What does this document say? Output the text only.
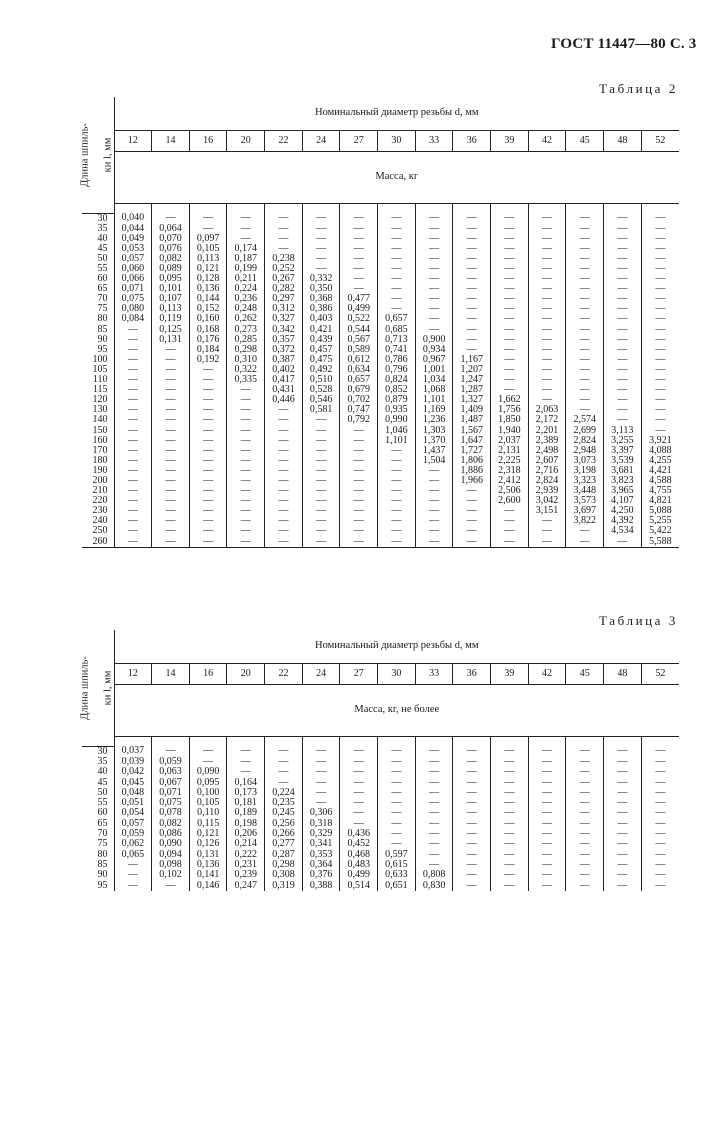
ГОСТ 11447—80 С. 3
Таблица 2
Длина шпиль- ки l, мм	Номинальный диаметр резьбы d, мм														
	12	14	16	20	22	24	27	30	33	36	39	42	45	48	52
	Масса, кг														

30	0,040	—	—	—	—	—	—	—	—	—	—	—	—	—	—
35	0,044	0,064	—	—	—	—	—	—	—	—	—	—	—	—	—
40	0,049	0,070	0,097	—	—	—	—	—	—	—	—	—	—	—	—
45	0,053	0,076	0,105	0,174	—	—	—	—	—	—	—	—	—	—	—
50	0,057	0,082	0,113	0,187	0,238	—	—	—	—	—	—	—	—	—	—
55	0,060	0,089	0,121	0,199	0,252	—	—	—	—	—	—	—	—	—	—
60	0,066	0,095	0,128	0,211	0,267	0,332	—	—	—	—	—	—	—	—	—
65	0,071	0,101	0,136	0,224	0,282	0,350	—	—	—	—	—	—	—	—	—
70	0,075	0,107	0,144	0,236	0,297	0,368	0,477	—	—	—	—	—	—	—	—
75	0,080	0,113	0,152	0,248	0,312	0,386	0,499	—	—	—	—	—	—	—	—
80	0,084	0,119	0,160	0,262	0,327	0,403	0,522	0,657	—	—	—	—	—	—	—
85	—	0,125	0,168	0,273	0,342	0,421	0,544	0,685	—	—	—	—	—	—	—
90	—	0,131	0,176	0,285	0,357	0,439	0,567	0,713	0,900	—	—	—	—	—	—
95	—	—	0,184	0,298	0,372	0,457	0,589	0,741	0,934	—	—	—	—	—	—
100	—	—	0,192	0,310	0,387	0,475	0,612	0,786	0,967	1,167	—	—	—	—	—
105	—	—	—	0,322	0,402	0,492	0,634	0,796	1,001	1,207	—	—	—	—	—
110	—	—	—	0,335	0,417	0,510	0,657	0,824	1,034	1,247	—	—	—	—	—
115	—	—	—	—	0,431	0,528	0,679	0,852	1,068	1,287	—	—	—	—	—
120	—	—	—	—	0,446	0,546	0,702	0,879	1,101	1,327	1,662	—	—	—	—
130	—	—	—	—	—	0,581	0,747	0,935	1,169	1,409	1,756	2,063	—	—	—
140	—	—	—	—	—	—	0,792	0,990	1,236	1,487	1,850	2,172	2,574	—	—
150	—	—	—	—	—	—	—	1,046	1,303	1,567	1,940	2,201	2,699	3,113	—
160	—	—	—	—	—	—	—	1,101	1,370	1,647	2,037	2,389	2,824	3,255	3,921
170	—	—	—	—	—	—	—	—	1,437	1,727	2,131	2,498	2,948	3,397	4,088
180	—	—	—	—	—	—	—	—	1,504	1,806	2,225	2,607	3,073	3,539	4,255
190	—	—	—	—	—	—	—	—	—	1,886	2,318	2,716	3,198	3,681	4,421
200	—	—	—	—	—	—	—	—	—	1,966	2,412	2,824	3,323	3,823	4,588
210	—	—	—	—	—	—	—	—	—	—	2,506	2,939	3,448	3,965	4,755
220	—	—	—	—	—	—	—	—	—	—	2,600	3,042	3,573	4,107	4,821
230	—	—	—	—	—	—	—	—	—	—	—	3,151	3,697	4,250	5,088
240	—	—	—	—	—	—	—	—	—	—	—	—	3,822	4,392	5,255
250	—	—	—	—	—	—	—	—	—	—	—	—	—	4,534	5,422
260	—	—	—	—	—	—	—	—	—	—	—	—	—	—	5,588
Таблица 3
Длина шпиль- ки l, мм	Номинальный диаметр резьбы d, мм														
	12	14	16	20	22	24	27	30	33	36	39	42	45	48	52
	Масса, кг, не более														

30	0,037	—	—	—	—	—	—	—	—	—	—	—	—	—	—
35	0,039	0,059	—	—	—	—	—	—	—	—	—	—	—	—	—
40	0,042	0,063	0,090	—	—	—	—	—	—	—	—	—	—	—	—
45	0,045	0,067	0,095	0,164	—	—	—	—	—	—	—	—	—	—	—
50	0,048	0,071	0,100	0,173	0,224	—	—	—	—	—	—	—	—	—	—
55	0,051	0,075	0,105	0,181	0,235	—	—	—	—	—	—	—	—	—	—
60	0,054	0,078	0,110	0,189	0,245	0,306	—	—	—	—	—	—	—	—	—
65	0,057	0,082	0,115	0,198	0,256	0,318	—	—	—	—	—	—	—	—	—
70	0,059	0,086	0,121	0,206	0,266	0,329	0,436	—	—	—	—	—	—	—	—
75	0,062	0,090	0,126	0,214	0,277	0,341	0,452	—	—	—	—	—	—	—	—
80	0,065	0,094	0,131	0,222	0,287	0,353	0,468	0,597	—	—	—	—	—	—	—
85	—	0,098	0,136	0,231	0,298	0,364	0,483	0,615	—	—	—	—	—	—	—
90	—	0,102	0,141	0,239	0,308	0,376	0,499	0,633	0,808	—	—	—	—	—	—
95	—	—	0,146	0,247	0,319	0,388	0,514	0,651	0,830	—	—	—	—	—	—
